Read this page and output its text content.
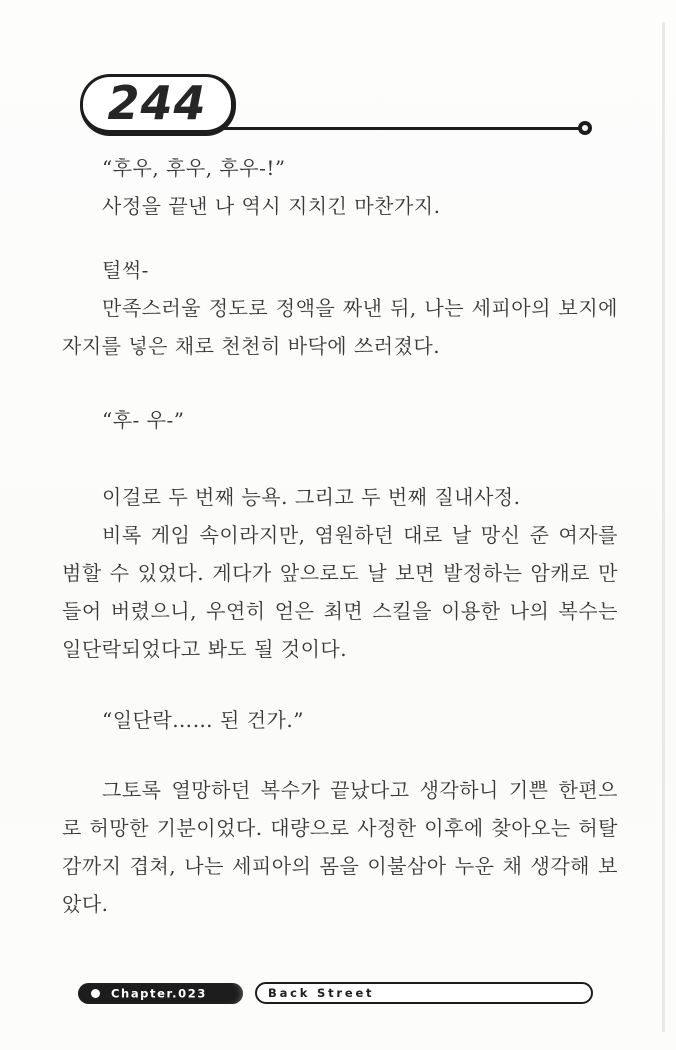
244

“후우, 후우, 후우-!”

사정을 끝낸 나 역시 지치긴 마찬가지.

털썩-

만족스러울 정도로 정액을 짜낸 뒤, 나는 세피아의 보지에 자지를 넣은 채로 천천히 바닥에 쓰러졌다.

“후- 우-”

이걸로 두 번째 능욕. 그리고 두 번째 질내사정.

비록 게임 속이라지만, 염원하던 대로 날 망신 준 여자를 범할 수 있었다. 게다가 앞으로도 날 보면 발정하는 암캐로 만들어 버렸으니, 우연히 얻은 최면 스킬을 이용한 나의 복수는 일단락되었다고 봐도 될 것이다.

“일단락…… 된 건가.”

그토록 열망하던 복수가 끝났다고 생각하니 기쁜 한편으로 허망한 기분이었다. 대량으로 사정한 이후에 찾아오는 허탈감까지 겹쳐, 나는 세피아의 몸을 이불삼아 누운 채 생각해 보았다.

Chapter.023	Back Street
